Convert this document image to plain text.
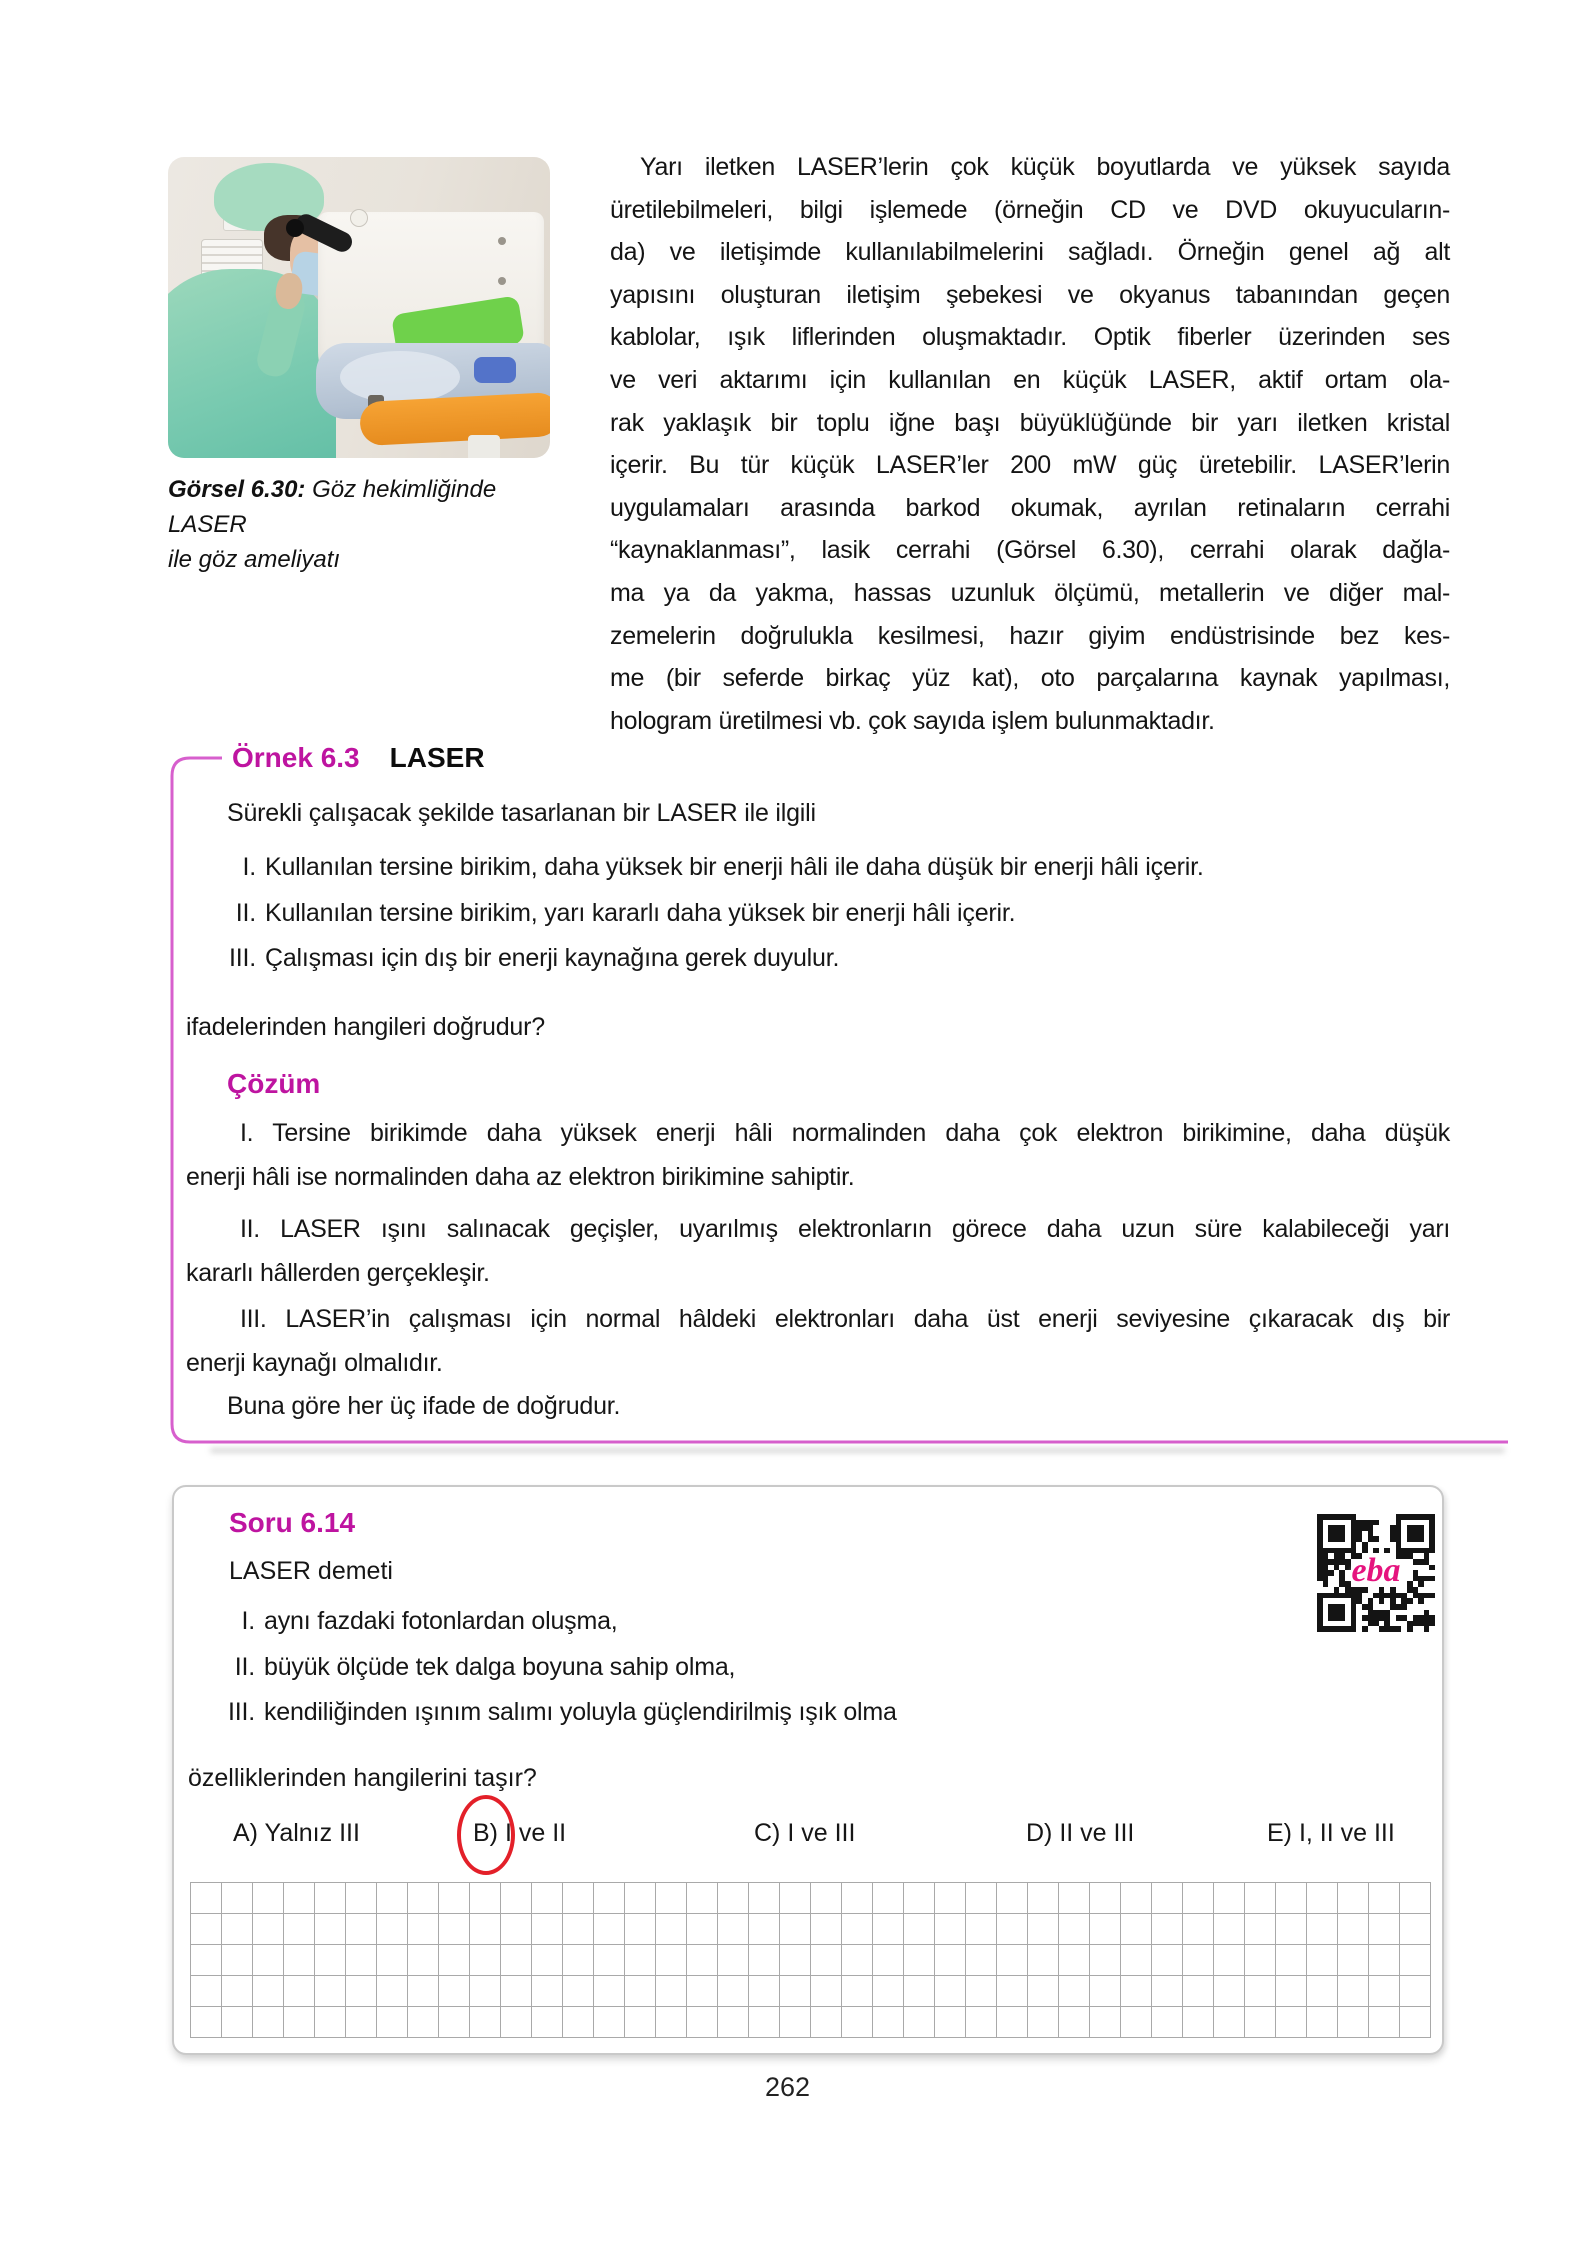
Görsel 6.30: Göz hekimliğinde LASER
ile göz ameliyatı
Yarı iletken LASER’lerin çok küçük boyutlarda ve yüksek sayıda
üretilebilmeleri, bilgi işlemede (örneğin CD ve DVD okuyucuların-
da) ve iletişimde kullanılabilmelerini sağladı. Örneğin genel ağ alt
yapısını oluşturan iletişim şebekesi ve okyanus tabanından geçen
kablolar, ışık liflerinden oluşmaktadır. Optik fiberler üzerinden ses
ve veri aktarımı için kullanılan en küçük LASER, aktif ortam ola-
rak yaklaşık bir toplu iğne başı büyüklüğünde bir yarı iletken kristal
içerir. Bu tür küçük LASER’ler 200 mW güç üretebilir. LASER’lerin
uygulamaları arasında barkod okumak, ayrılan retinaların cerrahi
“kaynaklanması”, lasik cerrahi (Görsel 6.30), cerrahi olarak dağla-
ma ya da yakma, hassas uzunluk ölçümü, metallerin ve diğer mal-
zemelerin doğrulukla kesilmesi, hazır giyim endüstrisinde bez kes-
me (bir seferde birkaç yüz kat), oto parçalarına kaynak yapılması,
hologram üretilmesi vb. çok sayıda işlem bulunmaktadır.
Örnek 6.3 LASER
Sürekli çalışacak şekilde tasarlanan bir LASER ile ilgili
I. Kullanılan tersine birikim, daha yüksek bir enerji hâli ile daha düşük bir enerji hâli içerir.
II. Kullanılan tersine birikim, yarı kararlı daha yüksek bir enerji hâli içerir.
III. Çalışması için dış bir enerji kaynağına gerek duyulur.
ifadelerinden hangileri doğrudur?
Çözüm
I. Tersine birikimde daha yüksek enerji hâli normalinden daha çok elektron birikimine, daha düşük
enerji hâli ise normalinden daha az elektron birikimine sahiptir.
II. LASER ışını salınacak geçişler, uyarılmış elektronların görece daha uzun süre kalabileceği yarı
kararlı hâllerden gerçekleşir.
III. LASER’in çalışması için normal hâldeki elektronları daha üst enerji seviyesine çıkaracak dış bir
enerji kaynağı olmalıdır.
Buna göre her üç ifade de doğrudur.
Soru 6.14
LASER demeti
I. aynı fazdaki fotonlardan oluşma,
II. büyük ölçüde tek dalga boyuna sahip olma,
III. kendiliğinden ışınım salımı yoluyla güçlendirilmiş ışık olma
özelliklerinden hangilerini taşır?
A) Yalnız III	B) I ve II	C) I ve III	D) II ve III	E) I, II ve III
eba
262
